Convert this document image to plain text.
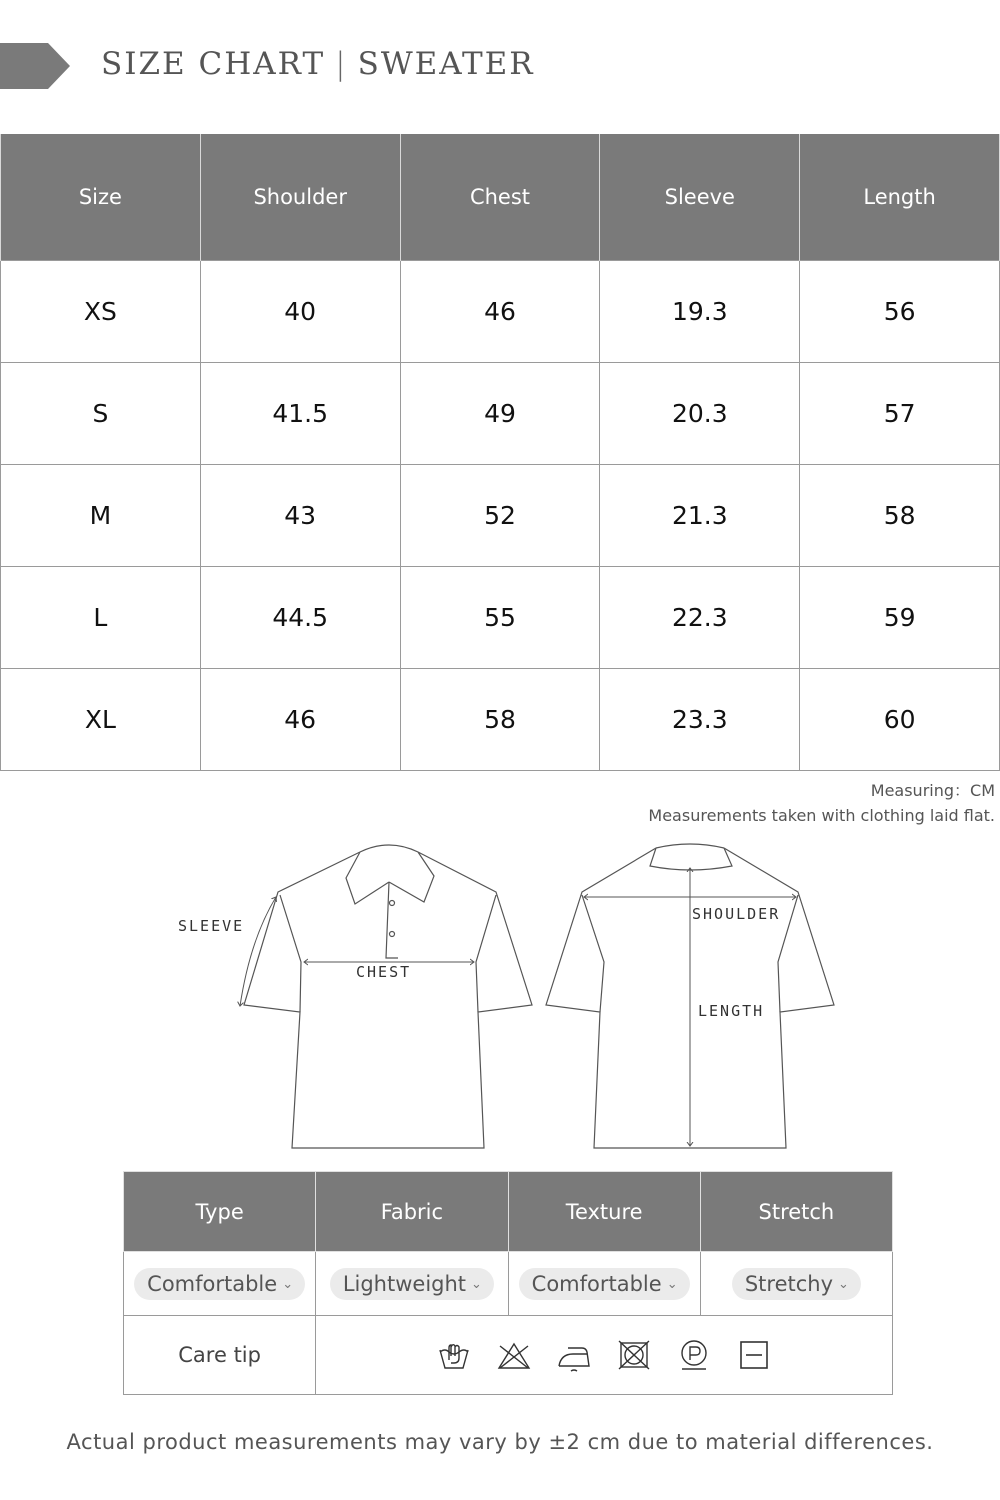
SIZE CHART | SWEATER
Size	Shoulder	Chest	Sleeve	Length
XS	40	46	19.3	56
S	41.5	49	20.3	57
M	43	52	21.3	58
L	44.5	55	22.3	59
XL	46	58	23.3	60
Measuring：CM
Measurements taken with clothing laid flat.
SLEEVE
CHEST
SHOULDER
LENGTH
Type	Fabric	Texture	Stretch
Comfortable ⌄	Lightweight ⌄	Comfortable ⌄	Stretchy ⌄
Care tip	
Actual product measurements may vary by ±2 cm due to material differences.
